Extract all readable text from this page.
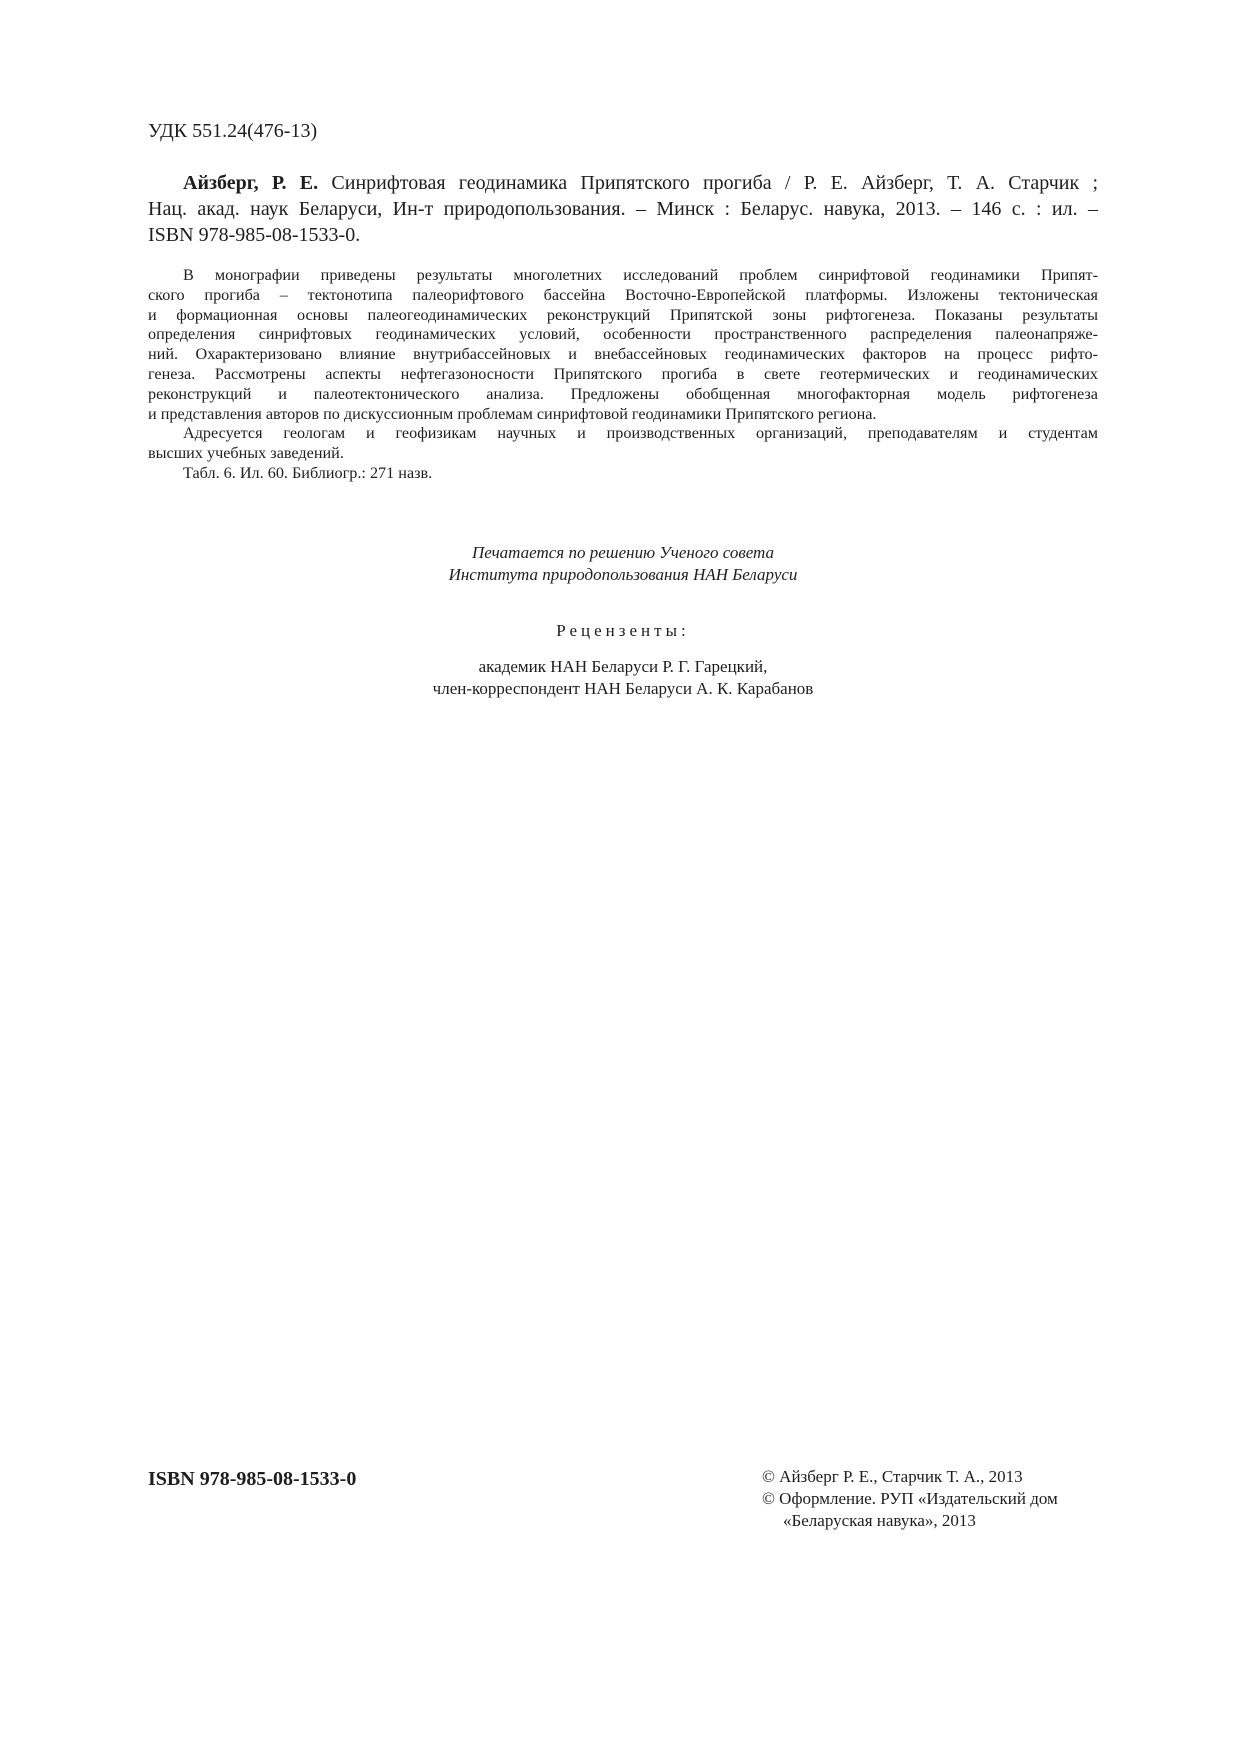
УДК 551.24(476-13)
Айзберг, Р. Е. Синрифтовая геодинамика Припятского прогиба / Р. Е. Айзберг, Т. А. Старчик ;
Нац. акад. наук Беларуси, Ин-т природопользования. – Минск : Беларус. навука, 2013. – 146 с. : ил. –
ISBN 978-985-08-1533-0.
В монографии приведены результаты многолетних исследований проблем синрифтовой геодинамики Припят-
ского прогиба – тектонотипа палеорифтового бассейна Восточно-Европейской платформы. Изложены тектоническая
и формационная основы палеогеодинамических реконструкций Припятской зоны рифтогенеза. Показаны результаты
определения синрифтовых геодинамических условий, особенности пространственного распределения палеонапряже-
ний. Охарактеризовано влияние внутрибассейновых и внебассейновых геодинамических факторов на процесс рифто-
генеза. Рассмотрены аспекты нефтегазоносности Припятского прогиба в свете геотермических и геодинамических
реконструкций и палеотектонического анализа. Предложены обобщенная многофакторная модель рифтогенеза
и представления авторов по дискуссионным проблемам синрифтовой геодинамики Припятского региона.
Адресуется геологам и геофизикам научных и производственных организаций, преподавателям и студентам
высших учебных заведений.
Табл. 6. Ил. 60. Библиогр.: 271 назв.
Печатается по решению Ученого совета
Института природопользования НАН Беларуси
Рецензенты:
академик НАН Беларуси Р. Г. Гарецкий,
член-корреспондент НАН Беларуси А. К. Карабанов
ISBN 978-985-08-1533-0	© Айзберг Р. Е., Старчик Т. А., 2013
© Оформление. РУП «Издательский дом
«Беларуская навука», 2013
